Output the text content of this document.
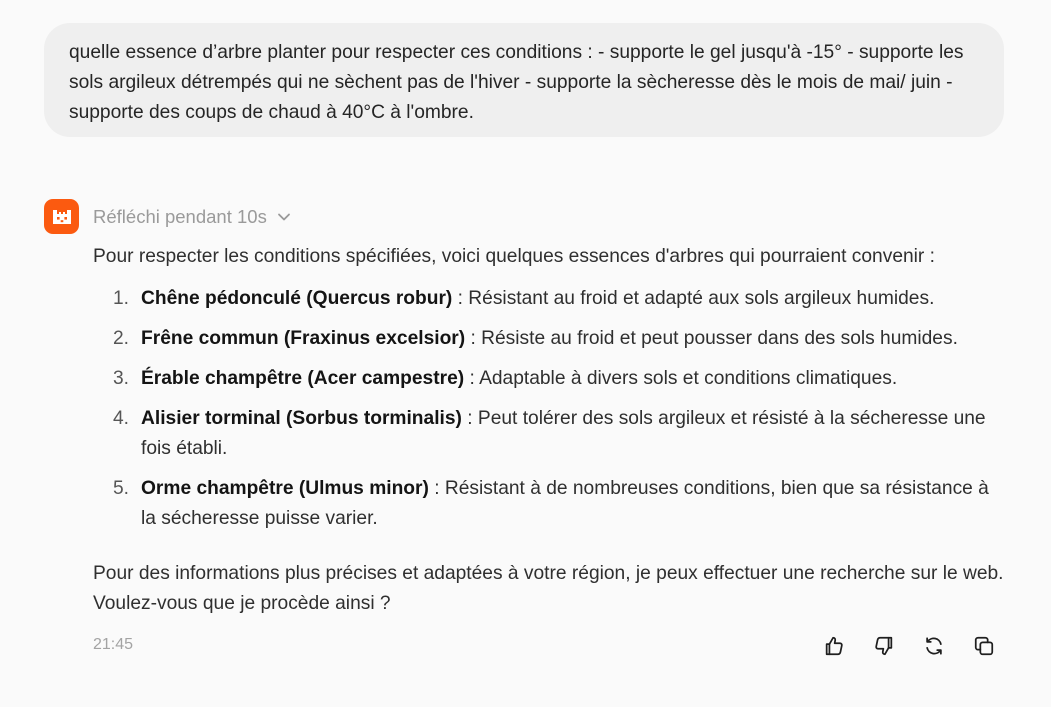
quelle essence d’arbre planter pour respecter ces conditions : - supporte le gel jusqu'à -15° - supporte les sols argileux détrempés qui ne sèchent pas de l'hiver - supporte la sècheresse dès le mois de mai/ juin - supporte des coups de chaud à 40°C à l'ombre.

Réfléchi pendant 10s

Pour respecter les conditions spécifiées, voici quelques essences d'arbres qui pourraient convenir :

1. Chêne pédonculé (Quercus robur) : Résistant au froid et adapté aux sols argileux humides.
2. Frêne commun (Fraxinus excelsior) : Résiste au froid et peut pousser dans des sols humides.
3. Érable champêtre (Acer campestre) : Adaptable à divers sols et conditions climatiques.
4. Alisier torminal (Sorbus torminalis) : Peut tolérer des sols argileux et résisté à la sécheresse une fois établi.
5. Orme champêtre (Ulmus minor) : Résistant à de nombreuses conditions, bien que sa résistance à la sécheresse puisse varier.

Pour des informations plus précises et adaptées à votre région, je peux effectuer une recherche sur le web. Voulez-vous que je procède ainsi ?

21:45
